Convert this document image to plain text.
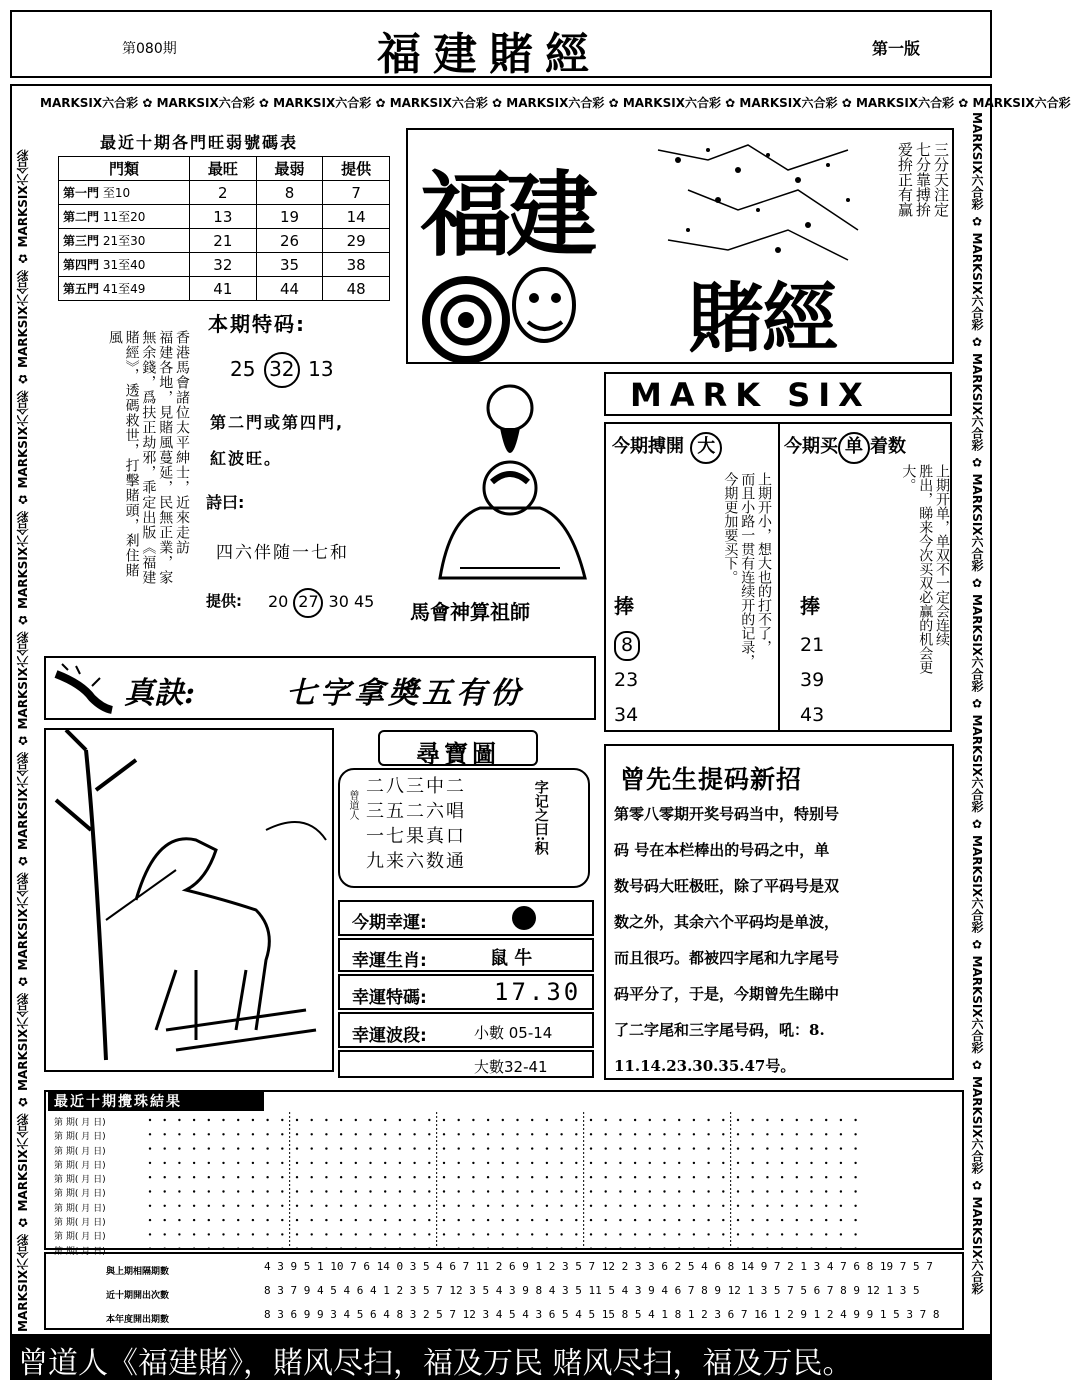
第080期	福建賭經	第一版
MARKSIX六合彩 ✿ MARKSIX六合彩 ✿ MARKSIX六合彩 ✿ MARKSIX六合彩 ✿ MARKSIX六合彩 ✿ MARKSIX六合彩 ✿ MARKSIX六合彩 ✿ MARKSIX六合彩 ✿ MARKSIX六合彩
MARKSIX六合彩 ✿ MARKSIX六合彩 ✿ MARKSIX六合彩 ✿ MARKSIX六合彩 ✿ MARKSIX六合彩 ✿ MARKSIX六合彩 ✿ MARKSIX六合彩 ✿ MARKSIX六合彩 ✿ MARKSIX六合彩 ✿ MARKSIX六合彩	MARKSIX六合彩 ✿ MARKSIX六合彩 ✿ MARKSIX六合彩 ✿ MARKSIX六合彩 ✿ MARKSIX六合彩 ✿ MARKSIX六合彩 ✿ MARKSIX六合彩 ✿ MARKSIX六合彩 ✿ MARKSIX六合彩 ✿ MARKSIX六合彩
最近十期各門旺弱號碼表
門類	最旺	最弱	提供
第一門 至10	2	8	7
第二門 11至20	13	19	14
第三門 21至30	21	26	29
第四門 31至40	32	35	38
第五門 41至49	41	44	48
福建
賭經
三分天注定
七分靠搏拚
爱拚正有赢
香港馬會諸位太平紳士，近來走訪
福建各地，見賭風蔓延，民無正業，家
無余錢，爲扶正劫邪，乖定出版《福建
賭經》，透碼救世，打擊賭頭，剎住賭
風
本期特码:
25 32 13
第二門或第四門,
紅波旺。
詩曰:
四六伴随一七和
提供: 20 27 30 45 馬會神算祖師
MARK SIX
今期搏開 大
上期开小，想大也的打不了，
而且小路一贯有连续开的记录，
今期更加要买下。
捧
8
23
34
今期买 单 着数
上期开单，单双不一定会连续
胜出，睇来今次买双必赢的机会更
大。
捧
21
39
43
真訣:	七字拿奬五有份
尋寶圖
曾道人
二八三中二
三五二六唱
一七果真口
九来六数通
字记之曰:积
今期幸運:
幸運生肖:	鼠 牛
幸運特碼:	17.30
幸運波段:	小數 05-14
大數32-41
曾先生提码新招
第零八零期开奖号码当中，特别号
码 号在本栏棒出的号码之中，单
数号码大旺极旺，除了平码号是双
数之外，其余六个平码均是单波，
而且很巧。都被四字尾和九字尾号
码平分了，于是，今期曾先生睇中
了二字尾和三字尾号码，吼：8.
11.14.23.30.35.47号。
最近十期攪珠結果
第 期( 月 日)
第 期( 月 日)
第 期( 月 日)
第 期( 月 日)
第 期( 月 日)
第 期( 月 日)
第 期( 月 日)
第 期( 月 日)
第 期( 月 日)
第 期( 月 日)
與上期相隔期數	4 3 9 5 1 10 7 6 14 0 3 5 4 6 7 11 2 6 9 1 2 3 5 7 12 2 3 3 6 2 5 4 6 8 14 9 7 2 1 3 4 7 6 8 19 7 5 7
近十期開出次數	8 3 7 9 4 5 4 6 4 1 2 3 5 7 12 3 5 4 3 9 8 4 3 5 11 5 4 3 9 4 6 7 8 9 12 1 3 5 7 5 6 7 8 9 12 1 3 5
本年度開出期數	8 3 6 9 9 3 4 5 6 4 8 3 2 5 7 12 3 4 5 4 3 6 5 4 5 15 8 5 4 1 8 1 2 3 6 7 16 1 2 9 1 2 4 9 9 1 5 3 7 8
曾道人《福建賭》，賭风尽扫，福及万民 赌风尽扫，福及万民。
